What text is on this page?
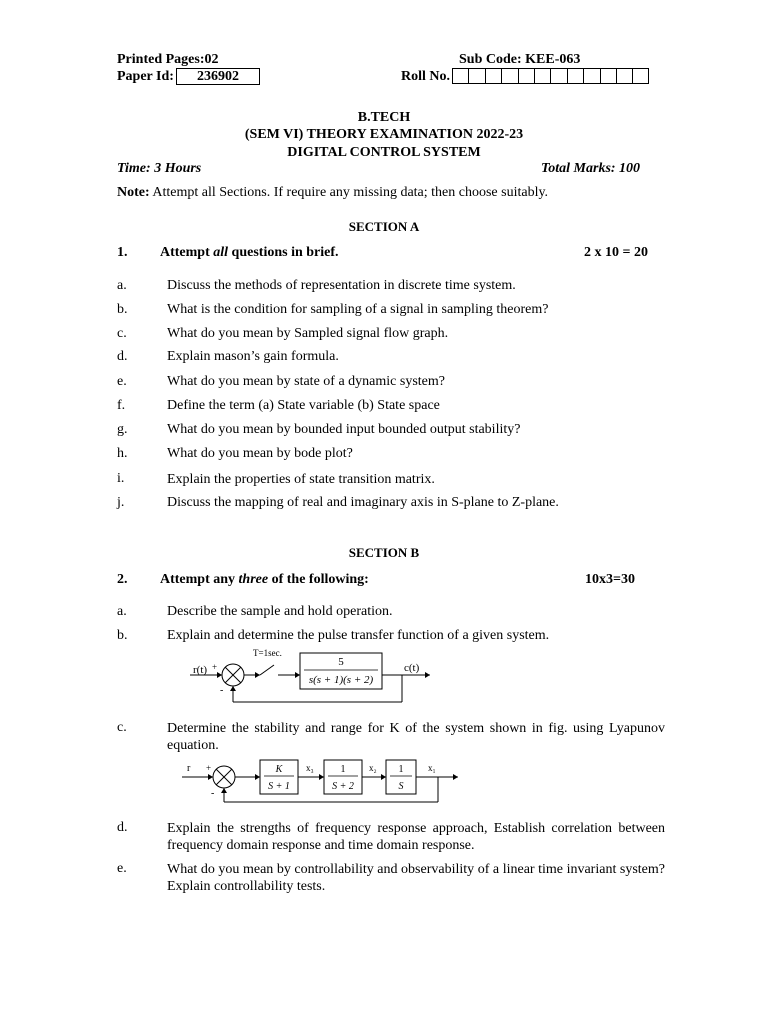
Printed Pages:02	Sub Code: KEE-063
Paper Id:	236902	Roll No.
B.TECH
(SEM VI) THEORY EXAMINATION 2022-23
DIGITAL CONTROL SYSTEM
Time: 3 Hours	Total Marks: 100
Note: Attempt all Sections. If require any missing data; then choose suitably.
SECTION A
1. Attempt all questions in brief.	2 x 10 = 20
a.	Discuss the methods of representation in discrete time system.
b.	What is the condition for sampling of a signal in sampling theorem?
c.	What do you mean by Sampled signal flow graph.
d.	Explain mason’s gain formula.
e.	What do you mean by state of a dynamic system?
f.	Define the term (a) State variable (b) State space
g.	What do you mean by bounded input bounded output stability?
h.	What do you mean by bode plot?
i.	Explain the properties of state transition matrix.
j.	Discuss the mapping of real and imaginary axis in S-plane to Z-plane.
SECTION B
2. Attempt any three of the following:	10x3=30
a.	Describe the sample and hold operation.
b.	Explain and determine the pulse transfer function of a given system.
r(t) +
-
T=1sec.
5
s(s + 1)(s + 2)
c(t)
c.	Determine the stability and range for K of the system shown in fig. using Lyapunov equation.
r +
-
K
S + 1
x₃	1
S + 2
x₂ 1
S
x₁
d.	Explain the strengths of frequency response approach, Establish correlation between frequency domain response and time domain response.
e.	What do you mean by controllability and observability of a linear time invariant system? Explain controllability tests.
